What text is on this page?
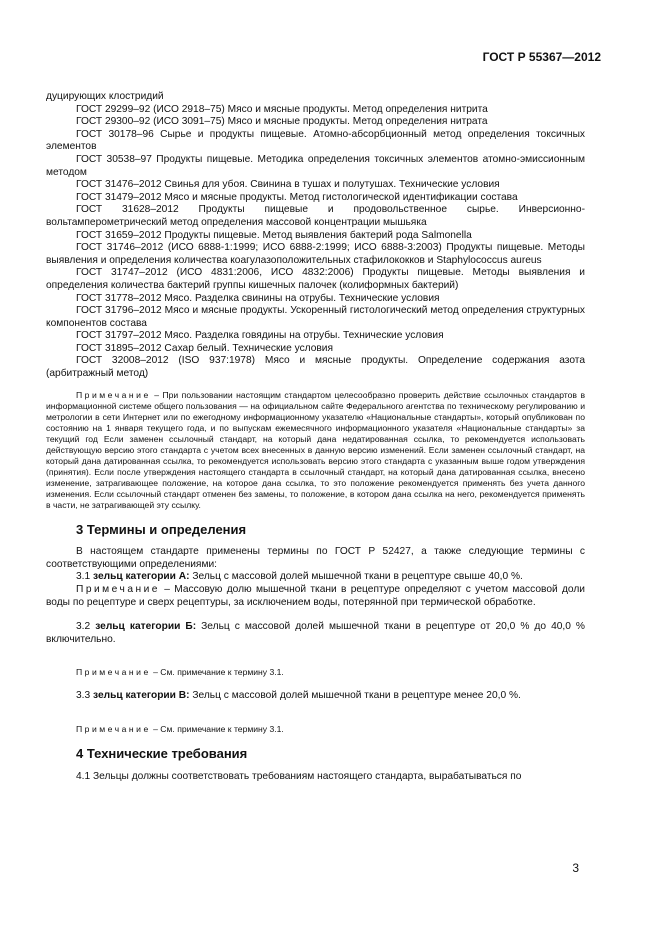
ГОСТ Р 55367—2012

дуцирующих клостридий

ГОСТ 29299–92 (ИСО 2918–75) Мясо и мясные продукты. Метод определения нитрита

ГОСТ 29300–92 (ИСО 3091–75) Мясо и мясные продукты. Метод определения нитрата

ГОСТ 30178–96 Сырье и продукты пищевые. Атомно-абсорбционный метод определения токсичных элементов

ГОСТ 30538–97 Продукты пищевые. Методика определения токсичных элементов атомно-эмиссионным методом

ГОСТ 31476–2012 Свинья для убоя. Свинина в тушах и полутушах. Технические условия

ГОСТ 31479–2012 Мясо и мясные продукты. Метод гистологической идентификации состава

ГОСТ 31628–2012 Продукты пищевые и продовольственное сырье. Инверсионно-вольтамперометрический метод определения массовой концентрации мышьяка

ГОСТ 31659–2012 Продукты пищевые. Метод выявления бактерий рода Salmonella

ГОСТ 31746–2012 (ИСО 6888-1:1999; ИСО 6888-2:1999; ИСО 6888-3:2003) Продукты пищевые. Методы выявления и определения количества коагулазоположительных стафилококков и Staphylococcus aureus

ГОСТ 31747–2012 (ИСО 4831:2006, ИСО 4832:2006) Продукты пищевые. Методы выявления и определения количества бактерий группы кишечных палочек (колиформных бактерий)

ГОСТ 31778–2012 Мясо. Разделка свинины на отрубы. Технические условия

ГОСТ 31796–2012 Мясо и мясные продукты. Ускоренный гистологический метод определения структурных компонентов состава

ГОСТ 31797–2012 Мясо. Разделка говядины на отрубы. Технические условия

ГОСТ 31895–2012 Сахар белый. Технические условия

ГОСТ 32008–2012 (ISO 937:1978) Мясо и мясные продукты. Определение содержания азота (арбитражный метод)

Примечание – При пользовании настоящим стандартом целесообразно проверить действие ссылочных стандартов в информационной системе общего пользования — на официальном сайте Федерального агентства по техническому регулированию и метрологии в сети Интернет или по ежегодному информационному указателю «Национальные стандарты», который опубликован по состоянию на 1 января текущего года, и по выпускам ежемесячного информационного указателя «Национальные стандарты» за текущий год Если заменен ссылочный стандарт, на который дана недатированная ссылка, то рекомендуется использовать действующую версию этого стандарта с учетом всех внесенных в данную версию изменений. Если заменен ссылочный стандарт, на который дана датированная ссылка, то рекомендуется использовать версию этого стандарта с указанным выше годом утверждения (принятия). Если после утверждения настоящего стандарта в ссылочный стандарт, на который дана датированная ссылка, внесено изменение, затрагивающее положение, на которое дана ссылка, то это положение рекомендуется применять без учета данного изменения. Если ссылочный стандарт отменен без замены, то положение, в котором дана ссылка на него, рекомендуется применять в части, не затрагивающей эту ссылку.

3 Термины и определения

В настоящем стандарте применены термины по ГОСТ Р 52427, а также следующие термины с соответствующими определениями:

3.1 зельц категории А: Зельц с массовой долей мышечной ткани в рецептуре свыше 40,0 %.

Примечание – Массовую долю мышечной ткани в рецептуре определяют с учетом массовой доли воды по рецептуре и сверх рецептуры, за исключением воды, потерянной при термической обработке.

3.2 зельц категории Б: Зельц с массовой долей мышечной ткани в рецептуре от 20,0 % до 40,0 % включительно.

Примечание – См. примечание к термину 3.1.

3.3 зельц категории В: Зельц с массовой долей мышечной ткани в рецептуре менее 20,0 %.

Примечание – См. примечание к термину 3.1.

4 Технические требования

4.1 Зельцы должны соответствовать требованиям настоящего стандарта, вырабатываться по

3
